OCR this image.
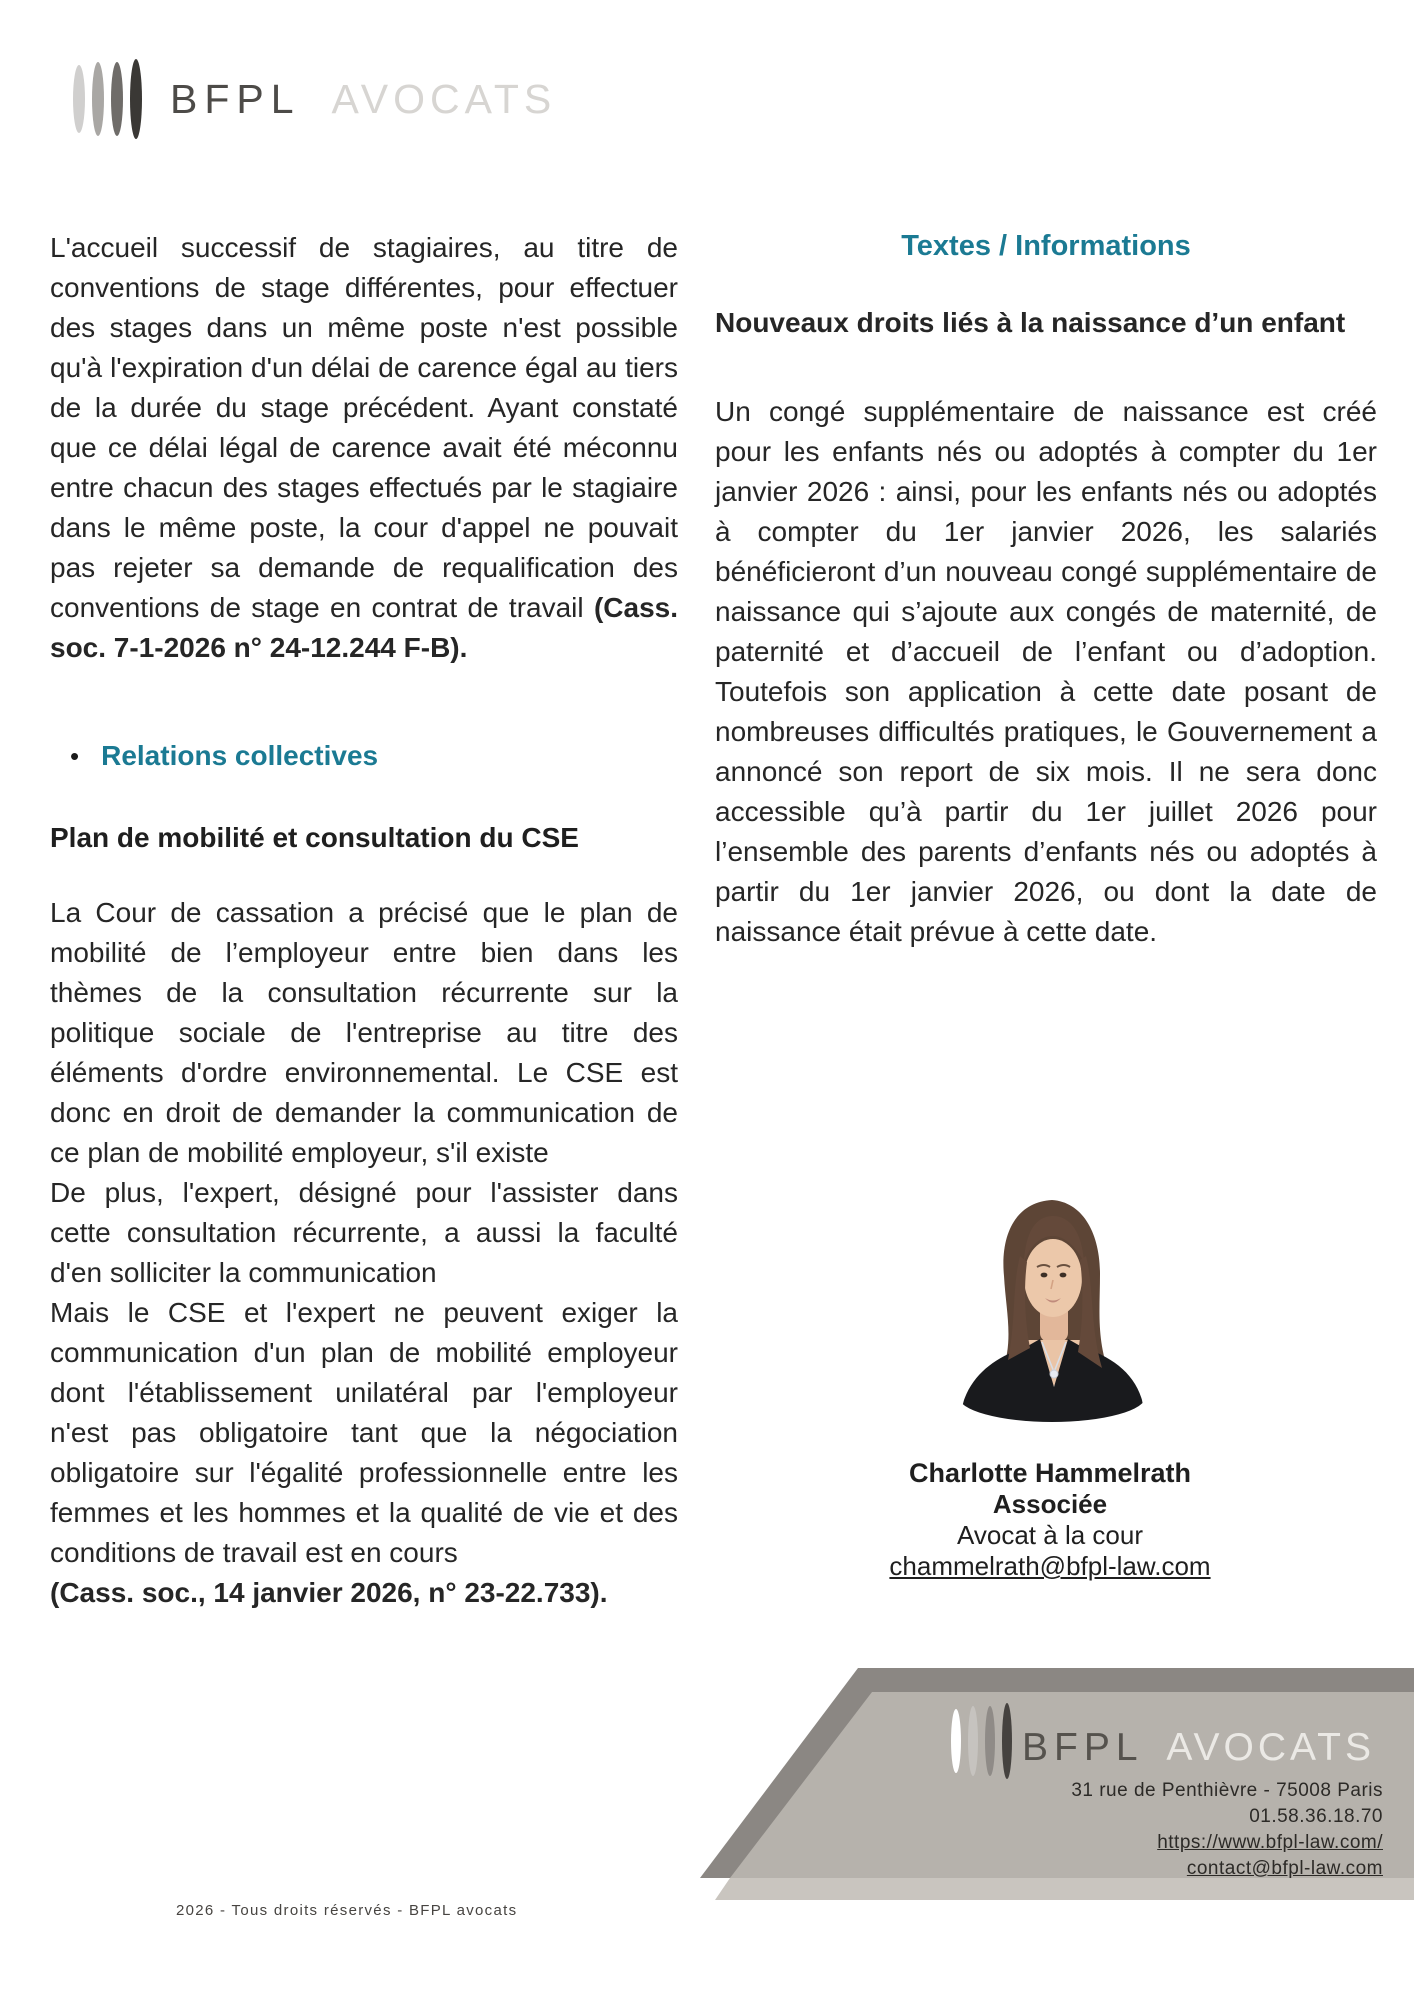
BFPL AVOCATS

L'accueil successif de stagiaires, au titre de conventions de stage différentes, pour effectuer des stages dans un même poste n'est possible qu'à l'expiration d'un délai de carence égal au tiers de la durée du stage précédent. Ayant constaté que ce délai légal de carence avait été méconnu entre chacun des stages effectués par le stagiaire dans le même poste, la cour d'appel ne pouvait pas rejeter sa demande de requalification des conventions de stage en contrat de travail (Cass. soc. 7-1-2026 n° 24-12.244 F-B).

• Relations collectives
Plan de mobilité et consultation du CSE

La Cour de cassation a précisé que le plan de mobilité de l’employeur entre bien dans les thèmes de la consultation récurrente sur la politique sociale de l'entreprise au titre des éléments d'ordre environnemental. Le CSE est donc en droit de demander la communication de ce plan de mobilité employeur, s'il existe

De plus, l'expert, désigné pour l'assister dans cette consultation récurrente, a aussi la faculté d'en solliciter la communication

Mais le CSE et l'expert ne peuvent exiger la communication d'un plan de mobilité employeur dont l'établissement unilatéral par l'employeur n'est pas obligatoire tant que la négociation obligatoire sur l'égalité professionnelle entre les femmes et les hommes et la qualité de vie et des conditions de travail est en cours

(Cass. soc., 14 janvier 2026, n° 23-22.733).

Textes / Informations

Nouveaux droits liés à la naissance d’un enfant

Un congé supplémentaire de naissance est créé pour les enfants nés ou adoptés à compter du 1er janvier 2026 : ainsi, pour les enfants nés ou adoptés à compter du 1er janvier 2026, les salariés bénéficieront d’un nouveau congé supplémentaire de naissance qui s’ajoute aux congés de maternité, de paternité et d’accueil de l’enfant ou d’adoption. Toutefois son application à cette date posant de nombreuses difficultés pratiques, le Gouvernement a annoncé son report de six mois. Il ne sera donc accessible qu’à partir du 1er juillet 2026 pour l’ensemble des parents d’enfants nés ou adoptés à partir du 1er janvier 2026, ou dont la date de naissance était prévue à cette date.

Charlotte Hammelrath
Associée
Avocat à la cour
chammelrath@bfpl-law.com
BFPL AVOCATS
31 rue de Penthièvre - 75008 Paris
01.58.36.18.70
https://www.bfpl-law.com/
contact@bfpl-law.com
2026 - Tous droits réservés - BFPL avocats
